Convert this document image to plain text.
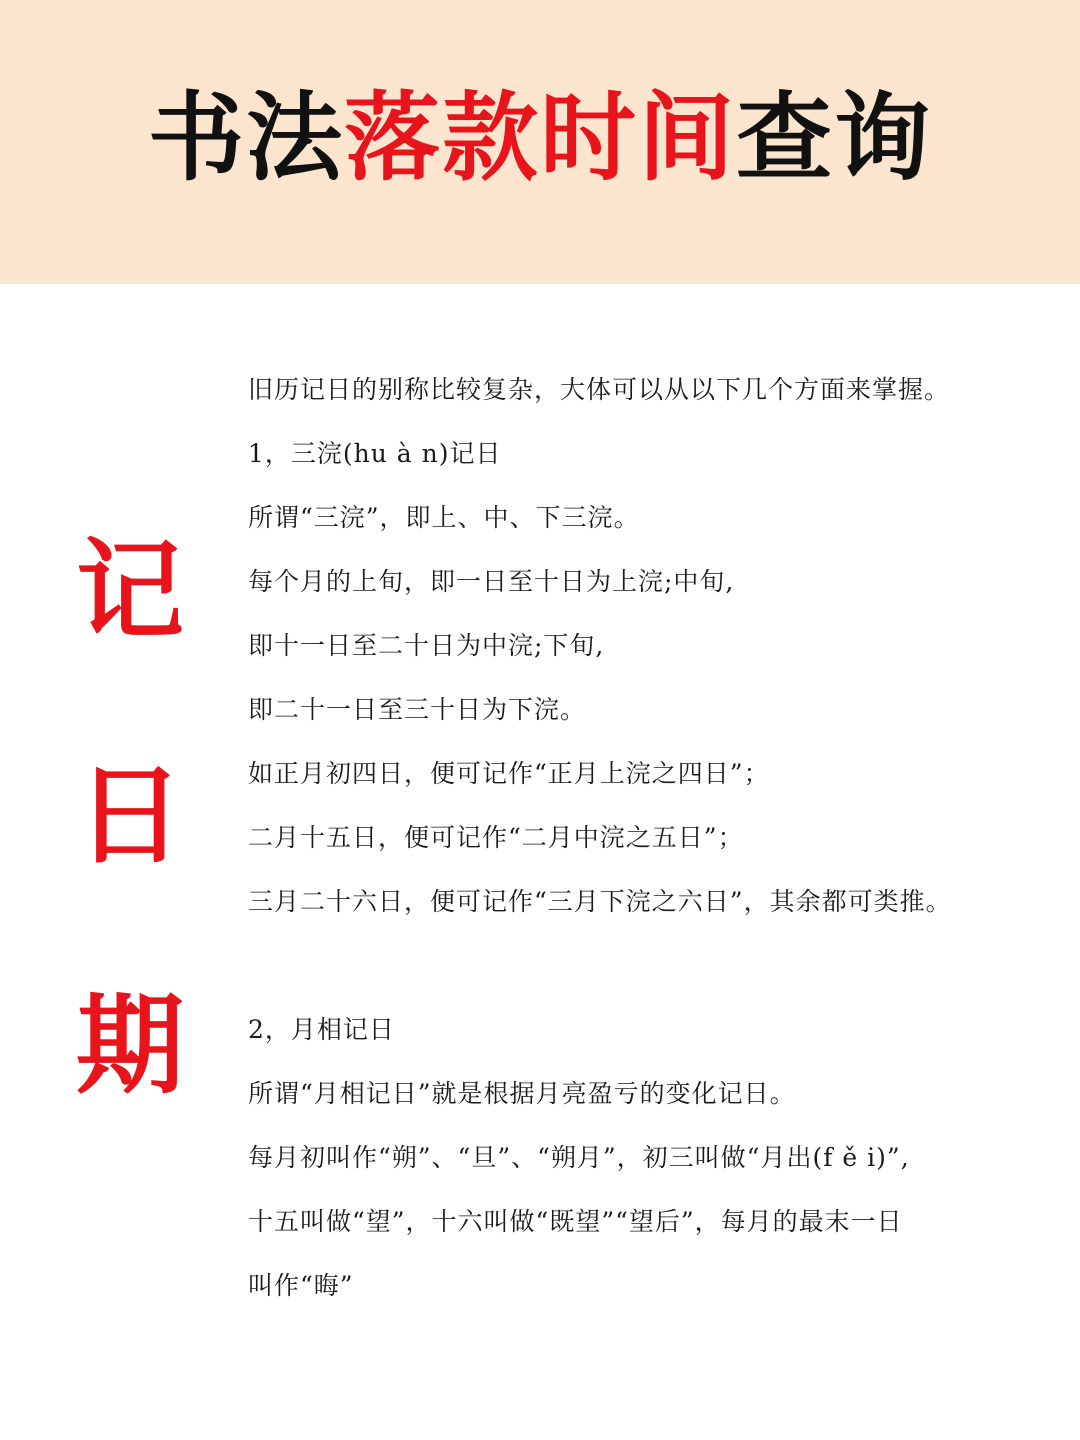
书法落款时间查询
记
日
期
旧历记日的别称比较复杂，大体可以从以下几个方面来掌握。
1，三浣(hu à n)记日
所谓“三浣”，即上、中、下三浣。
每个月的上旬，即一日至十日为上浣;中旬,
即十一日至二十日为中浣;下旬,
即二十一日至三十日为下浣。
如正月初四日，便可记作“正月上浣之四日”；
二月十五日，便可记作“二月中浣之五日”；
三月二十六日，便可记作“三月下浣之六日”，其余都可类推。
2，月相记日
所谓“月相记日”就是根据月亮盈亏的变化记日。
每月初叫作“朔”、“旦”、“朔月”，初三叫做“月出(f ě i)”,
十五叫做“望”，十六叫做“既望”“望后”，每月的最末一日
叫作“晦”
